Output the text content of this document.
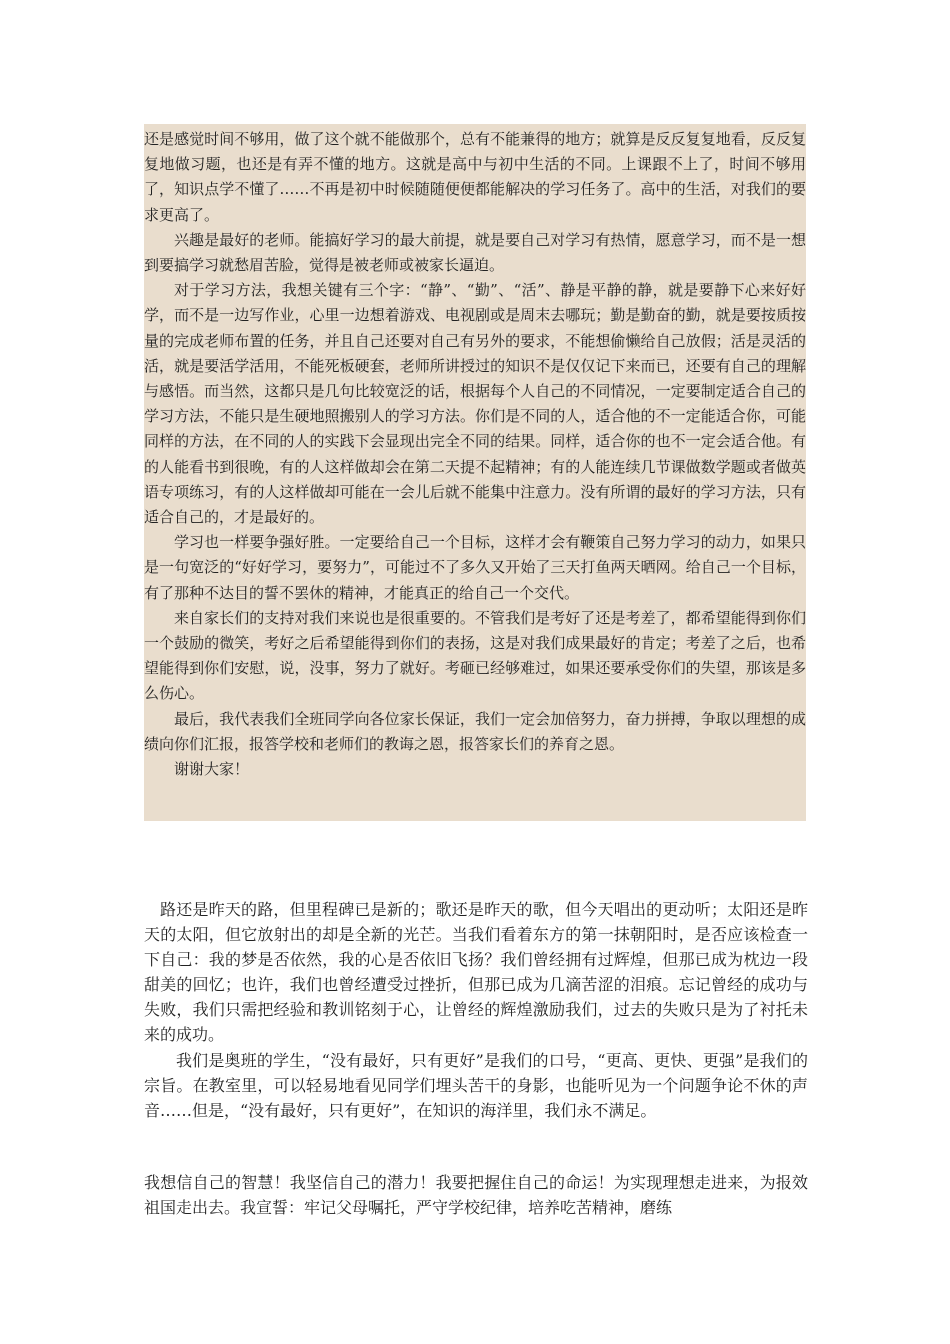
还是感觉时间不够用，做了这个就不能做那个，总有不能兼得的地方；就算是反反复复地看，反反复复地做习题，也还是有弄不懂的地方。这就是高中与初中生活的不同。上课跟不上了，时间不够用了，知识点学不懂了……不再是初中时候随随便便都能解决的学习任务了。高中的生活，对我们的要求更高了。

兴趣是最好的老师。能搞好学习的最大前提，就是要自己对学习有热情，愿意学习，而不是一想到要搞学习就愁眉苦脸，觉得是被老师或被家长逼迫。

对于学习方法，我想关键有三个字：“静”、“勤”、“活”、静是平静的静，就是要静下心来好好学，而不是一边写作业，心里一边想着游戏、电视剧或是周末去哪玩；勤是勤奋的勤，就是要按质按量的完成老师布置的任务，并且自己还要对自己有另外的要求，不能想偷懒给自己放假；活是灵活的活，就是要活学活用，不能死板硬套，老师所讲授过的知识不是仅仅记下来而已，还要有自己的理解与感悟。而当然，这都只是几句比较宽泛的话，根据每个人自己的不同情况，一定要制定适合自己的学习方法，不能只是生硬地照搬别人的学习方法。你们是不同的人，适合他的不一定能适合你，可能同样的方法，在不同的人的实践下会显现出完全不同的结果。同样，适合你的也不一定会适合他。有的人能看书到很晚，有的人这样做却会在第二天提不起精神；有的人能连续几节课做数学题或者做英语专项练习，有的人这样做却可能在一会儿后就不能集中注意力。没有所谓的最好的学习方法，只有适合自己的，才是最好的。

学习也一样要争强好胜。一定要给自己一个目标，这样才会有鞭策自己努力学习的动力，如果只是一句宽泛的“好好学习，要努力”，可能过不了多久又开始了三天打鱼两天晒网。给自己一个目标，有了那种不达目的誓不罢休的精神，才能真正的给自己一个交代。

来自家长们的支持对我们来说也是很重要的。不管我们是考好了还是考差了，都希望能得到你们一个鼓励的微笑，考好之后希望能得到你们的表扬，这是对我们成果最好的肯定；考差了之后，也希望能得到你们安慰，说，没事，努力了就好。考砸已经够难过，如果还要承受你们的失望，那该是多么伤心。

最后，我代表我们全班同学向各位家长保证，我们一定会加倍努力，奋力拼搏，争取以理想的成绩向你们汇报，报答学校和老师们的教诲之恩，报答家长们的养育之恩。

谢谢大家！

路还是昨天的路，但里程碑已是新的；歌还是昨天的歌，但今天唱出的更动听；太阳还是昨天的太阳，但它放射出的却是全新的光芒。当我们看着东方的第一抹朝阳时，是否应该检查一下自己：我的梦是否依然，我的心是否依旧飞扬？我们曾经拥有过辉煌，但那已成为枕边一段甜美的回忆；也许，我们也曾经遭受过挫折，但那已成为几滴苦涩的泪痕。忘记曾经的成功与失败，我们只需把经验和教训铭刻于心，让曾经的辉煌激励我们，过去的失败只是为了衬托未来的成功。

我们是奥班的学生，“没有最好，只有更好”是我们的口号，“更高、更快、更强”是我们的宗旨。在教室里，可以轻易地看见同学们埋头苦干的身影，也能听见为一个问题争论不休的声音……但是，“没有最好，只有更好”，在知识的海洋里，我们永不满足。

我想信自己的智慧！我坚信自己的潜力！我要把握住自己的命运！为实现理想走进来，为报效祖国走出去。我宣誓：牢记父母嘱托，严守学校纪律，培养吃苦精神，磨练
